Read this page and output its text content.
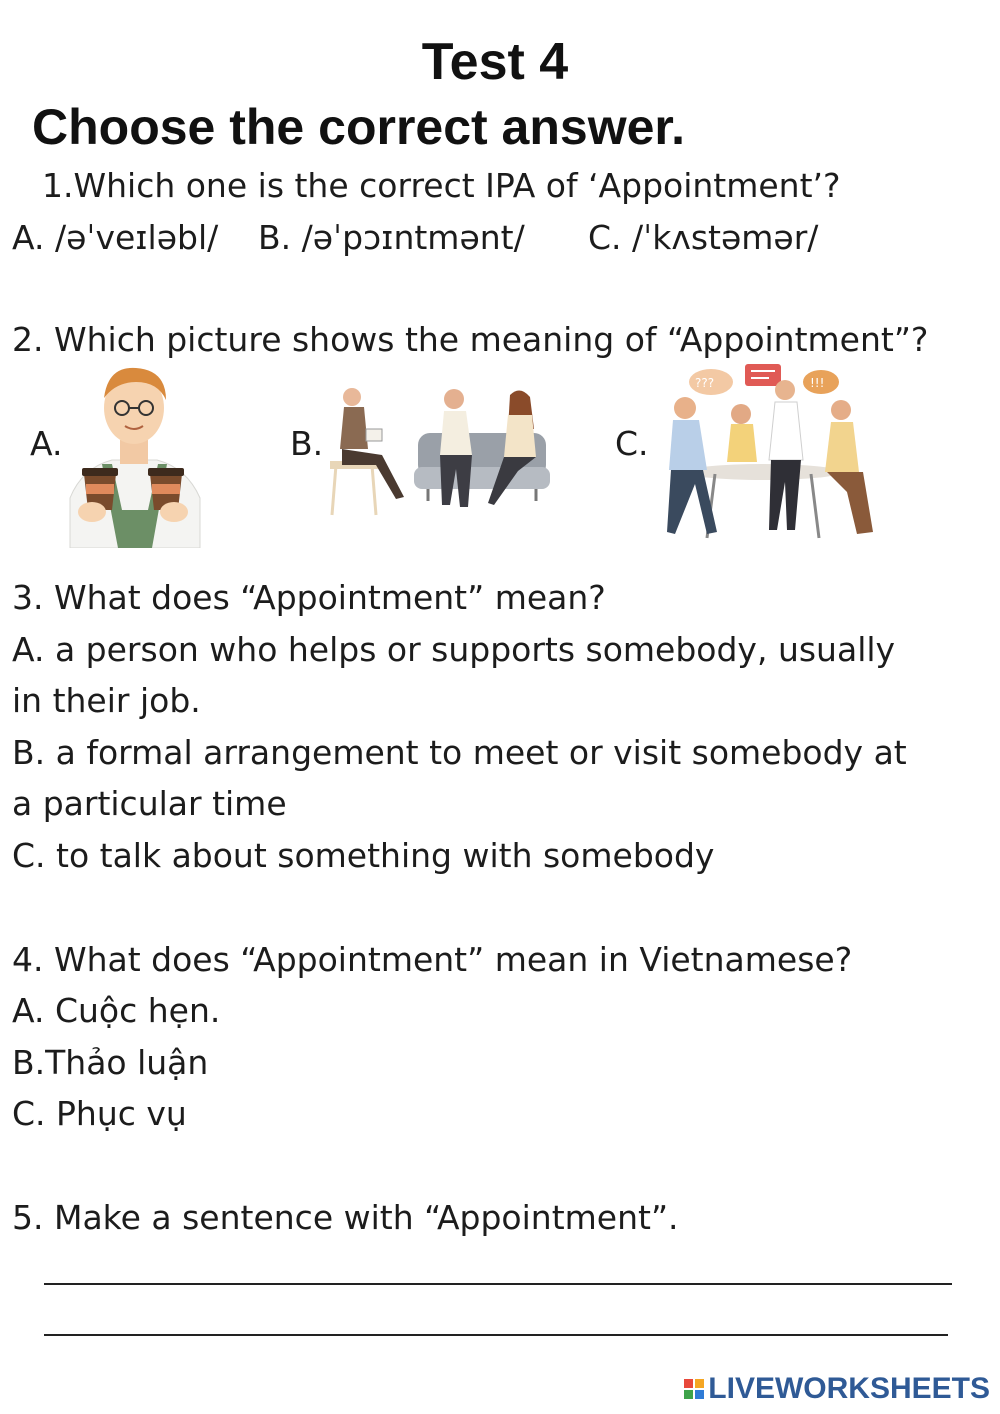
Test 4
Choose the correct answer.
1.Which one is the correct IPA of ‘Appointment’?
A. /əˈveɪləbl/ B. /əˈpɔɪntmənt/ C. /ˈkʌstəmər/
2. Which picture shows the meaning of “Appointment”?
A.	B.	C.
???	!!!
3. What does “Appointment” mean?
A. a person who helps or supports somebody, usually
in their job.
B. a formal arrangement to meet or visit somebody at
a particular time
C. to talk about something with somebody
4. What does “Appointment” mean in Vietnamese?
A. Cuộc hẹn.
B.Thảo luận
C. Phục vụ
5. Make a sentence with “Appointment”.
LIVEWORKSHEETS
